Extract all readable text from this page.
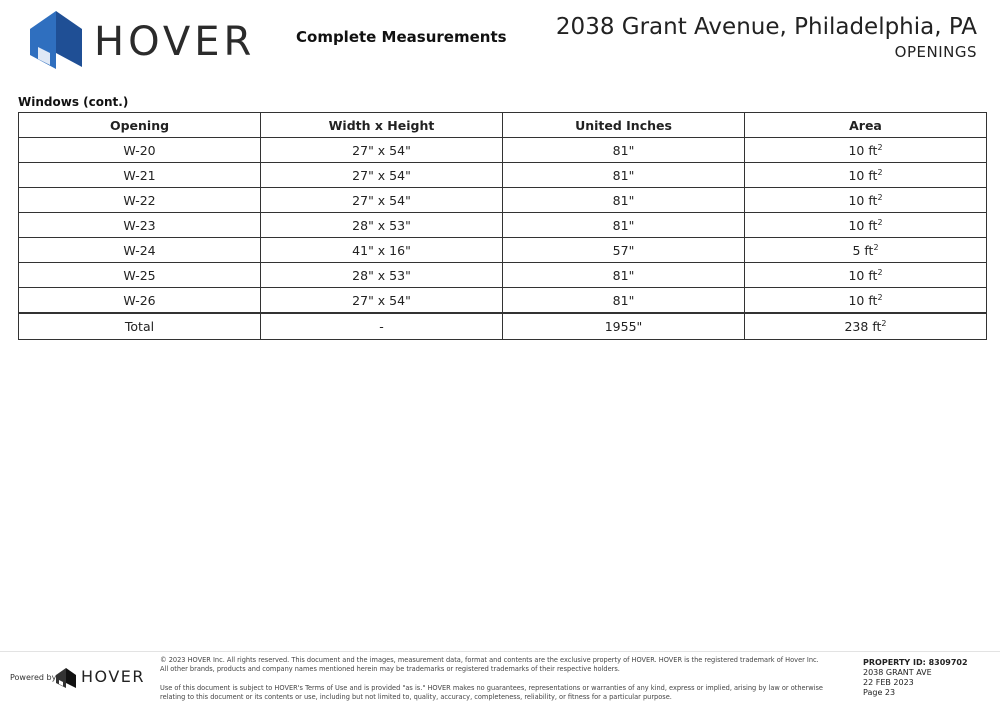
HOVER	Complete Measurements 2038 Grant Avenue, Philadelphia, PA
OPENINGS
Windows (cont.)
Opening	Width x Height	United Inches	Area
W-20	27" x 54"	81"	10 $ft^2$
W-21	27" x 54"	81"	10 $ft^2$
W-22	27" x 54"	81"	10 $ft^2$
W-23	28" x 53"	81"	10 $ft^2$
W-24	41" x 16"	57"	5 $ft^2$
W-25	28" x 53"	81"	10 $ft^2$
W-26	27" x 54"	81"	10 $ft^2$
Total	-	1955"	238 $ft^2$
Powered by HOVER
© 2023 HOVER Inc. All rights reserved. This document and the images, measurement data, format and contents are the exclusive property of HOVER. HOVER is the registered trademark of Hover Inc. All other brands, products and company names mentioned herein may be trademarks or registered trademarks of their respective holders.
Use of this document is subject to HOVER's Terms of Use and is provided "as is." HOVER makes no guarantees, representations or warranties of any kind, express or implied, arising by law or otherwise relating to this document or its contents or use, including but not limited to, quality, accuracy, completeness, reliability, or fitness for a particular purpose.
PROPERTY ID: 8309702
2038 GRANT AVE
22 FEB 2023
Page 23
